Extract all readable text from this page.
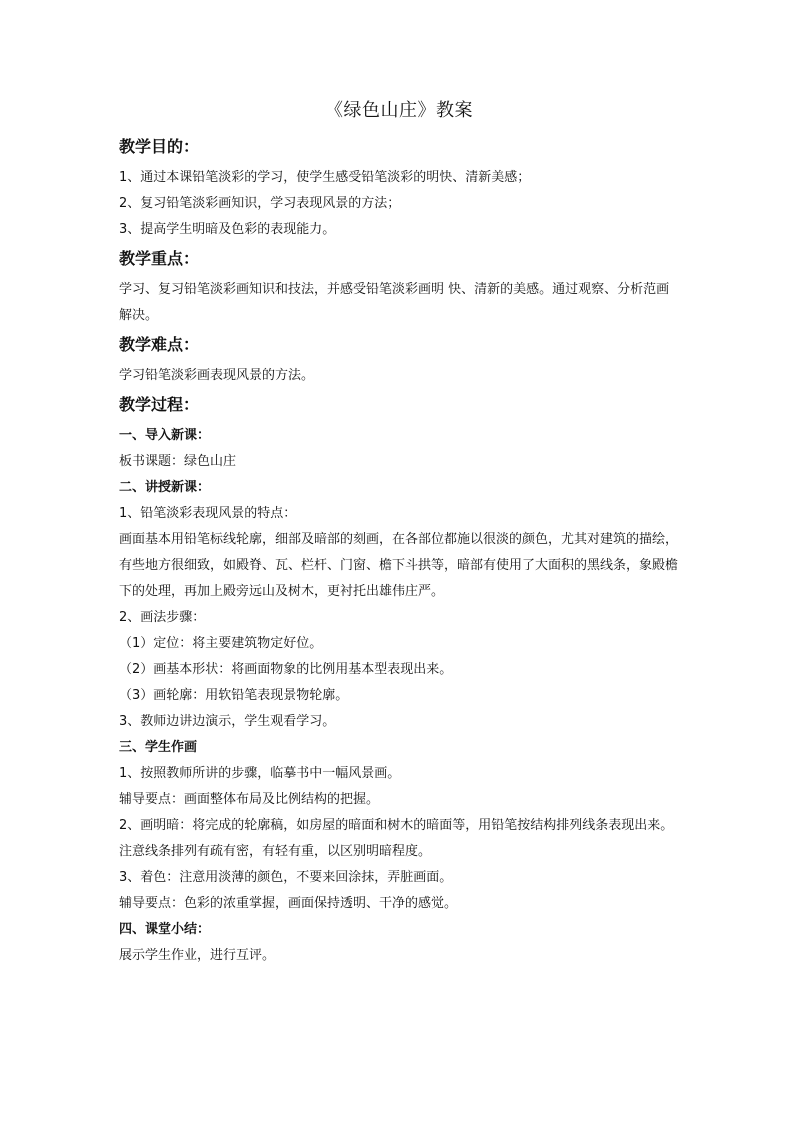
《绿色山庄》教案
教学目的：

1、通过本课铅笔淡彩的学习，使学生感受铅笔淡彩的明快、清新美感；

2、复习铅笔淡彩画知识，学习表现风景的方法；

3、提高学生明暗及色彩的表现能力。

教学重点：

学习、复习铅笔淡彩画知识和技法，并感受铅笔淡彩画明 快、清新的美感。通过观察、分析范画解决。

教学难点：

学习铅笔淡彩画表现风景的方法。

教学过程：
一、导入新课：

板书课题：绿色山庄

二、讲授新课：

1、铅笔淡彩表现风景的特点：

画面基本用铅笔标线轮廓，细部及暗部的刻画，在各部位都施以很淡的颜色，尤其对建筑的描绘，有些地方很细致，如殿脊、瓦、栏杆、门窗、檐下斗拱等，暗部有使用了大面积的黑线条，象殿檐下的处理，再加上殿旁远山及树木，更衬托出雄伟庄严。

2、画法步骤：

（1）定位：将主要建筑物定好位。

（2）画基本形状：将画面物象的比例用基本型表现出来。

（3）画轮廓：用软铅笔表现景物轮廓。

3、教师边讲边演示，学生观看学习。

三、学生作画

1、按照教师所讲的步骤，临摹书中一幅风景画。

辅导要点：画面整体布局及比例结构的把握。

2、画明暗：将完成的轮廓稿，如房屋的暗面和树木的暗面等，用铅笔按结构排列线条表现出来。注意线条排列有疏有密，有轻有重，以区别明暗程度。

3、着色：注意用淡薄的颜色，不要来回涂抹，弄脏画面。

辅导要点：色彩的浓重掌握，画面保持透明、干净的感觉。

四、课堂小结：

展示学生作业，进行互评。
